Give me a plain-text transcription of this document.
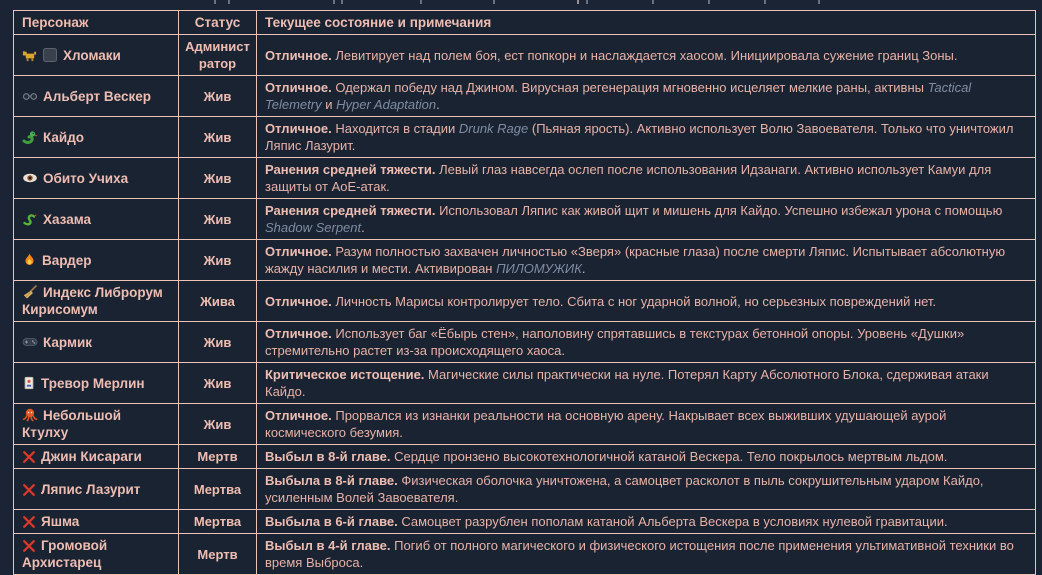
Персонаж	Статус	Текущее состояние и примечания
Хломаки	Администратор	Отличное. Левитирует над полем боя, ест попкорн и наслаждается хаосом. Инициировала сужение границ Зоны.
Альберт Вескер	Жив	Отличное. Одержал победу над Джином. Вирусная регенерация мгновенно исцеляет мелкие раны, активны Tactical Telemetry и Hyper Adaptation.
Кайдо	Жив	Отличное. Находится в стадии Drunk Rage (Пьяная ярость). Активно использует Волю Завоевателя. Только что уничтожил Ляпис Лазурит.
Обито Учиха	Жив	Ранения средней тяжести. Левый глаз навсегда ослеп после использования Идзанаги. Активно использует Камуи для защиты от AoE-атак.
Хазама	Жив	Ранения средней тяжести. Использовал Ляпис как живой щит и мишень для Кайдо. Успешно избежал урона с помощью Shadow Serpent.
Вардер	Жив	Отличное. Разум полностью захвачен личностью «Зверя» (красные глаза) после смерти Ляпис. Испытывает абсолютную жажду насилия и мести. Активирован ПИЛОМУЖИК.
Индекс Либрорум Кирисомум	Жива	Отличное. Личность Марисы контролирует тело. Сбита с ног ударной волной, но серьезных повреждений нет.
Кармик	Жив	Отличное. Использует баг «Ёбырь стен», наполовину спрятавшись в текстурах бетонной опоры. Уровень «Душки» стремительно растет из-за происходящего хаоса.
Тревор Мерлин	Жив	Критическое истощение. Магические силы практически на нуле. Потерял Карту Абсолютного Блока, сдерживая атаки Кайдо.
Небольшой Ктулху	Жив	Отличное. Прорвался из изнанки реальности на основную арену. Накрывает всех выживших удушающей аурой космического безумия.
Джин Кисараги	Мертв	Выбыл в 8-й главе. Сердце пронзено высокотехнологичной катаной Вескера. Тело покрылось мертвым льдом.
Ляпис Лазурит	Мертва	Выбыла в 8-й главе. Физическая оболочка уничтожена, а самоцвет расколот в пыль сокрушительным ударом Кайдо, усиленным Волей Завоевателя.
Яшма	Мертва	Выбыла в 6-й главе. Самоцвет разрублен пополам катаной Альберта Вескера в условиях нулевой гравитации.
Громовой Архистарец	Мертв	Выбыл в 4-й главе. Погиб от полного магического и физического истощения после применения ультимативной техники во время Выброса.
